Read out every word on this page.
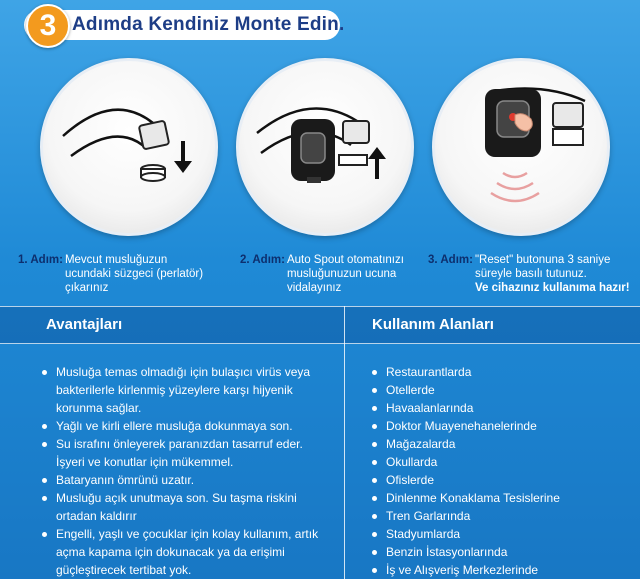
3 Adımda Kendiniz Monte Edin.
1. Adım: Mevcut musluğuzun
ucundaki süzgeci (perlatör)
çıkarınız
2. Adım: Auto Spout otomatınızı
musluğunuzun ucuna
vidalayınız
3. Adım: "Reset" butonuna 3 saniye
süreyle basılı tutunuz.
Ve cihazınız kullanıma hazır!
Avantajları	Kullanım Alanları
Musluğa temas olmadığı için bulaşıcı virüs veya bakterilerle kirlenmiş yüzeylere karşı hijyenik korunma sağlar.
Yağlı ve kirli ellere musluğa dokunmaya son.
Su israfını önleyerek paranızdan tasarruf eder. İşyeri ve konutlar için mükemmel.
Bataryanın ömrünü uzatır.
Musluğu açık unutmaya son. Su taşma riskini ortadan kaldırır
Engelli, yaşlı ve çocuklar için kolay kullanım, artık açma kapama için dokunacak ya da erişimi güçleştirecek tertibat yok.
Restaurantlarda
Otellerde
Havaalanlarında
Doktor Muayenehanelerinde
Mağazalarda
Okullarda
Ofislerde
Dinlenme Konaklama Tesislerine
Tren Garlarında
Stadyumlarda
Benzin İstasyonlarında
İş ve Alışveriş Merkezlerinde
